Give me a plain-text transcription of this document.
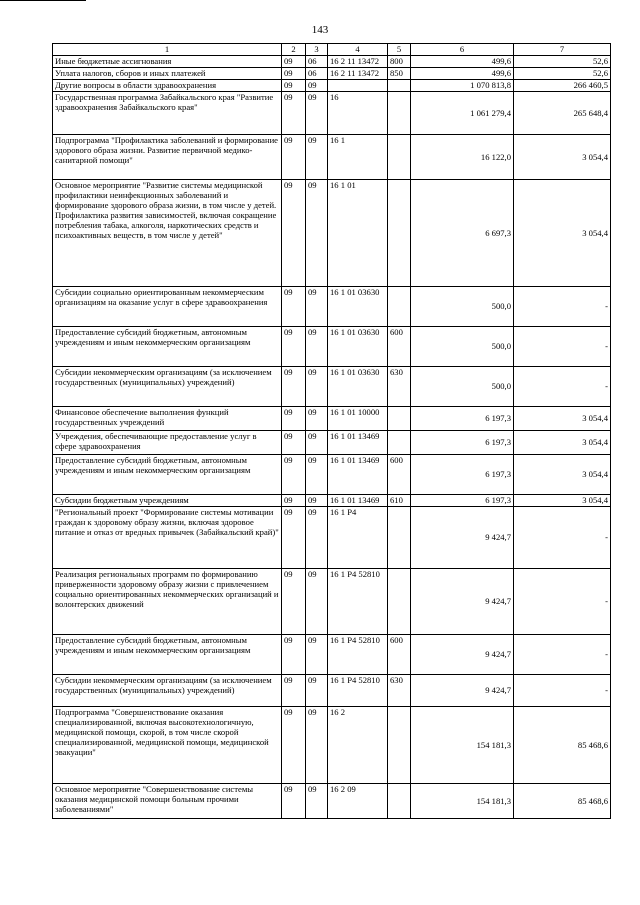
143
1	2	3	4	5	6	7
Иные бюджетные ассигнования	09	06	16 2 11 13472	800	499,6	52,6
Уплата налогов, сборов и иных платежей	09	06	16 2 11 13472	850	499,6	52,6
Другие вопросы в области здравоохранения	09	09			1 070 813,8	266 460,5
Государственная программа Забайкальского края "Развитие здравоохранения Забайкальского края"	09	09	16		1 061 279,4	265 648,4
Подпрограмма "Профилактика заболеваний и формирование здорового образа жизни. Развитие первичной медико-санитарной помощи"	09	09	16 1		16 122,0	3 054,4
Основное мероприятие "Развитие системы медицинской профилактики неинфекционных заболеваний и формирование здорового образа жизни, в том числе у детей. Профилактика развития зависимостей, включая сокращение потребления табака, алкоголя, наркотических средств и психоактивных веществ, в том числе у детей"	09	09	16 1 01		6 697,3	3 054,4
Субсидии социально ориентированным некоммерческим организациям на оказание услуг в сфере здравоохранения	09	09	16 1 01 03630		500,0	-
Предоставление субсидий бюджетным, автономным учреждениям и иным некоммерческим организациям	09	09	16 1 01 03630	600	500,0	-
Субсидии некоммерческим организациям (за исключением государственных (муниципальных) учреждений)	09	09	16 1 01 03630	630	500,0	-
Финансовое обеспечение выполнения функций государственных учреждений	09	09	16 1 01 10000		6 197,3	3 054,4
Учреждения, обеспечивающие предоставление услуг в сфере здравоохранения	09	09	16 1 01 13469		6 197,3	3 054,4
Предоставление субсидий бюджетным, автономным учреждениям и иным некоммерческим организациям	09	09	16 1 01 13469	600	6 197,3	3 054,4
Субсидии бюджетным учреждениям	09	09	16 1 01 13469	610	6 197,3	3 054,4
"Региональный проект "Формирование системы мотивации граждан к здоровому образу жизни, включая здоровое питание и отказ от вредных привычек (Забайкальский край)"	09	09	16 1 P4		9 424,7	-
Реализация региональных программ по формированию приверженности здоровому образу жизни с привлечением социально ориентированных некоммерческих организаций и волонтерских движений	09	09	16 1 P4 52810		9 424,7	-
Предоставление субсидий бюджетным, автономным учреждениям и иным некоммерческим организациям	09	09	16 1 P4 52810	600	9 424,7	-
Субсидии некоммерческим организациям (за исключением государственных (муниципальных) учреждений)	09	09	16 1 P4 52810	630	9 424,7	-
Подпрограмма "Совершенствование оказания специализированной, включая высокотехнологичную, медицинской помощи, скорой, в том числе скорой специализированной, медицинской помощи, медицинской эвакуации"	09	09	16 2		154 181,3	85 468,6
Основное мероприятие "Совершенствование системы оказания медицинской помощи больным прочими заболеваниями"	09	09	16 2 09		154 181,3	85 468,6
